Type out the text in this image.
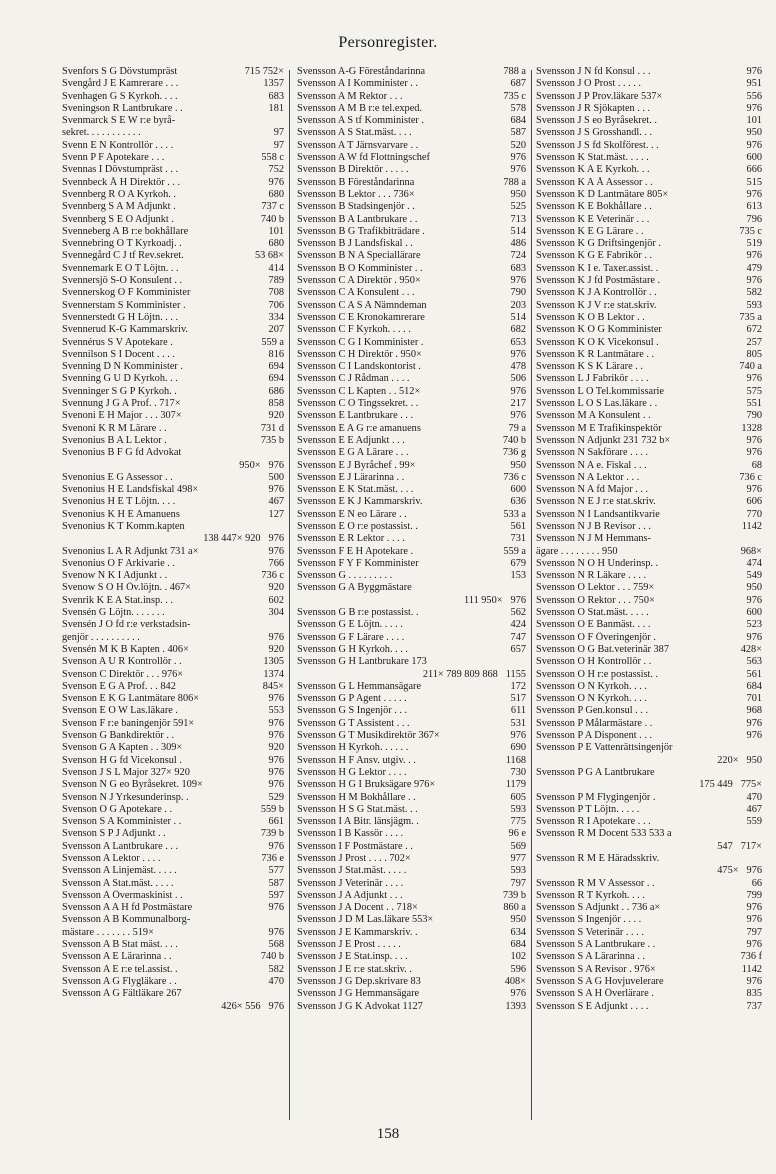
Personregister.
Svenfors S G Dövstumpräst	715 752×
Svengård J E Kamrerare . . .	1357
Svenhagen G S Kyrkoh. . . .	683
Sveningson R Lantbrukare . .	181
Svenmarck S E W r:e byrå-
sekret. . . . . . . . . . .	97
Svenn E N Kontrollör . . . .	97
Svenn P F Apotekare . . .	558 c
Svennas I Dövstumpräst . . .	752
Svennbeck Å H Direktör . . .	976
Svennberg R O A Kyrkoh. .	680
Svennberg S A M Adjunkt .	737 c
Svennberg S E O Adjunkt .	740 b
Svenneberg A B r:e bokhållare	101
Svennebring O T Kyrkoadj. .	680
Svennegård C J tf Rev.sekret.	53 68×
Svennemark E O T Löjtn. . .	414
Svennersjö S-O Konsulent . .	789
Svennerskog O F Komminister	708
Svennerstam S Komminister .	706
Svennerstedt G H Löjtn. . . .	334
Svennerud K-G Kammarskriv.	207
Svennérus S V Apotekare .	559 a
Svennilson S I Docent . . . .	816
Svenning D N Komminister .	694
Svenning G U D Kyrkoh. . .	694
Svenninger S G P Kyrkoh. .	686
Svennung J G A Prof. . 717×	858
Svenoni E H Major . . . 307×	920
Svenoni K R M Lärare . .	731 d
Svenonius B A L Lektor .	735 b
Svenonius B F G fd Advokat
950× 976
Svenonius E G Assessor . .	500
Svenonius H E Landsfiskal 498×	976
Svenonius H E T Löjtn. . . .	467
Svenonius K H E Amanuens	127
Svenonius K T Komm.kapten
138 447× 920 976
Svenonius L A R Adjunkt 731 a×	976
Svenonius O F Arkivarie . .	766
Svenow N K I Adjunkt . .	736 c
Svenow S O H Öv.löjtn. . 467×	920
Svenrik K E A Stat.insp. . .	602
Svensén G Löjtn. . . . . . .	304
Svensén J O fd r:e verkstadsin-
genjör . . . . . . . . . .	976
Svensén M K B Kapten . 406×	920
Svenson A U R Kontrollör . .	1305
Svenson C Direktör . . . 976×	1374
Svenson E G A Prof. . . 842	845×
Svenson E K G Lantmätare 806×	976
Svenson E O W Las.läkare .	553
Svenson F r:e baningenjör 591×	976
Svenson G Bankdirektör . .	976
Svenson G A Kapten . . 309×	920
Svenson H G fd Vicekonsul .	976
Svenson J S L Major 327× 920	976
Svenson N G eo Byråsekret. 109×	976
Svenson N J Yrkesunderinsp. .	529
Svenson O G Apotekare . .	559 b
Svenson S A Komminister . .	661
Svenson S P J Adjunkt . .	739 b
Svensson A Lantbrukare . . .	976
Svensson A Lektor . . . .	736 e
Svensson A Linjemäst. . . . .	577
Svensson A Stat.mäst. . . . .	587
Svensson A Övermaskinist . .	597
Svensson A A H fd Postmästare	976
Svensson A B Kommunalborg-
mästare . . . . . . . 519×	976
Svensson A B Stat mäst. . . .	568
Svensson A E Lärarinna . .	740 b
Svensson A E r:e tel.assist. .	582
Svensson A G Flygläkare . .	470
Svensson A G Fältläkare 267
426× 556 976
Svensson A-G Föreståndarinna	788 a
Svensson A I Komminister . .	687
Svensson A M Rektor . . .	735 c
Svensson A M B r:e tel.exped.	578
Svensson A S tf Komminister .	684
Svensson A S Stat.mäst. . . .	587
Svensson A T Järnsvarvare . .	520
Svensson A W fd Flottningschef	976
Svensson B Direktör . . . . .	976
Svensson B Föreståndarinna	788 a
Svensson B Lektor . . . 736×	950
Svensson B Stadsingenjör . .	525
Svensson B A Lantbrukare . .	713
Svensson B G Trafikbiträdare .	514
Svensson B J Landsfiskal . .	486
Svensson B N A Speciallärare	724
Svensson B O Komminister . .	683
Svensson C A Direktör . 950×	976
Svensson C A Konsulent . . .	790
Svensson C A S A Nämndeman	203
Svensson C E Kronokamrerare	514
Svensson C F Kyrkoh. . . . .	682
Svensson C G I Komminister .	653
Svensson C H Direktör . 950×	976
Svensson C I Landskontorist .	478
Svensson C J Rådman . . . .	506
Svensson C L Kapten . . 512×	976
Svensson C O Tingssekret. . .	217
Svensson E Lantbrukare . . .	976
Svensson E A G r:e amanuens	79 a
Svensson E E Adjunkt . . .	740 b
Svensson E G A Lärare . . .	736 g
Svensson E J Byråchef . 99×	950
Svensson E J Lärarinna . .	736 c
Svensson E K Stat.mäst. . . .	600
Svensson E K J Kammarskriv.	636
Svensson E N eo Lärare . .	533 a
Svensson E O r:e postassist. .	561
Svensson E R Lektor . . . .	731
Svensson F E H Apotekare .	559 a
Svensson F Y F Komminister	679
Svensson G . . . . . . . . .	153
Svensson G A Byggmästare
111 950× 976
Svensson G B r:e postassist. .	562
Svensson G E Löjtn. . . . .	424
Svensson G F Lärare . . . .	747
Svensson G H Kyrkoh. . . .	657
Svensson G H Lantbrukare 173
211× 789 809 868 1155
Svensson G L Hemmansägare	172
Svensson G P Agent . . . . .	517
Svensson G S Ingenjör . . .	611
Svensson G T Assistent . . .	531
Svensson G T Musikdirektör 367×	976
Svensson H Kyrkoh. . . . . .	690
Svensson H F Ansv. utgiv. . .	1168
Svensson H G Lektor . . . .	730
Svensson H G I Bruksägare 976×	1179
Svensson H M Bokhållare . .	605
Svensson H S G Stat.mäst. . .	593
Svensson I A Bitr. länsjägm. .	775
Svensson I B Kassör . . . .	96 e
Svensson I F Postmästare . .	569
Svensson J Prost . . . . 702×	977
Svensson J Stat.mäst. . . . .	593
Svensson J Veterinär . . . .	797
Svensson J A Adjunkt . . .	739 b
Svensson J A Docent . . 718×	860 a
Svensson J D M Las.läkare 553×	950
Svensson J E Kammarskriv. .	634
Svensson J E Prost . . . . .	684
Svensson J E Stat.insp. . . .	102
Svensson J E r:e stat.skriv. .	596
Svensson J G Dep.skrivare 83	408×
Svensson J G Hemmansägare	976
Svensson J G K Advokat 1127	1393
Svensson J N fd Konsul . . .	976
Svensson J O Prost . . . . .	951
Svensson J P Prov.läkare 537×	556
Svensson J R Sjökapten . . .	976
Svensson J S eo Byråsekret. .	101
Svensson J S Grosshandl. . .	950
Svensson J S fd Skolförest. . .	976
Svensson K Stat.mäst. . . . .	600
Svensson K A E Kyrkoh. . .	666
Svensson K A Å Assessor . .	515
Svensson K D Lantmätare 805×	976
Svensson K E Bokhållare . .	613
Svensson K E Veterinär . . .	796
Svensson K E G Lärare . .	735 c
Svensson K G Driftsingenjör .	519
Svensson K G E Fabrikör . .	976
Svensson K I e. Taxer.assist. .	479
Svensson K J fd Postmästare .	976
Svensson K J A Kontrollör . .	582
Svensson K J V r:e stat.skriv.	593
Svensson K O B Lektor . .	735 a
Svensson K O G Komminister	672
Svensson K O K Vicekonsul .	257
Svensson K R Lantmätare . .	805
Svensson K S K Lärare . .	740 a
Svensson L J Fabrikör . . . .	976
Svensson L O Tel.kommissarie	575
Svensson L O S Las.läkare . .	551
Svensson M A Konsulent . .	790
Svensson M E Trafikinspektör	1328
Svensson N Adjunkt 231 732 b×	976
Svensson N Sakförare . . . .	976
Svensson N A e. Fiskal . . .	68
Svensson N A Lektor . . .	736 c
Svensson N A fd Major . . .	976
Svensson N E J r:e stat.skriv.	606
Svensson N I Landsantikvarie	770
Svensson N J B Revisor . . .	1142
Svensson N J M Hemmans-
ägare . . . . . . . . 950	968×
Svensson N O H Underinsp. .	474
Svensson N R Läkare . . . .	549
Svensson O Lektor . . . 759×	950
Svensson O Rektor . . . 750×	976
Svensson O Stat.mäst. . . . .	600
Svensson O E Banmäst. . . .	523
Svensson O F Överingenjör .	976
Svensson O G Bat.veterinär 387	428×
Svensson O H Kontrollör . .	563
Svensson O H r:e postassist. .	561
Svensson O N Kyrkoh. . . .	684
Svensson O N Kyrkoh. . . .	701
Svensson P Gen.konsul . . .	968
Svensson P Målarmästare . .	976
Svensson P A Disponent . . .	976
Svensson P E Vattenrättsingenjör
220× 950
Svensson P G A Lantbrukare
175 449 775×
Svensson P M Flygingenjör .	470
Svensson P T Löjtn. . . . .	467
Svensson R I Apotekare . . .	559
Svensson R M Docent 533 533 a
547 717×
Svensson R M E Häradsskriv.
475× 976
Svensson R M V Assessor . .	66
Svensson R T Kyrkoh. . . .	799
Svensson S Adjunkt . . 736 a×	976
Svensson S Ingenjör . . . .	976
Svensson S Veterinär . . . .	797
Svensson S A Lantbrukare . .	976
Svensson S A Lärarinna . .	736 f
Svensson S A Revisor . 976×	1142
Svensson S A G Hovjuvelerare	976
Svensson S A H Överlärare .	835
Svensson S E Adjunkt . . . .	737
158
